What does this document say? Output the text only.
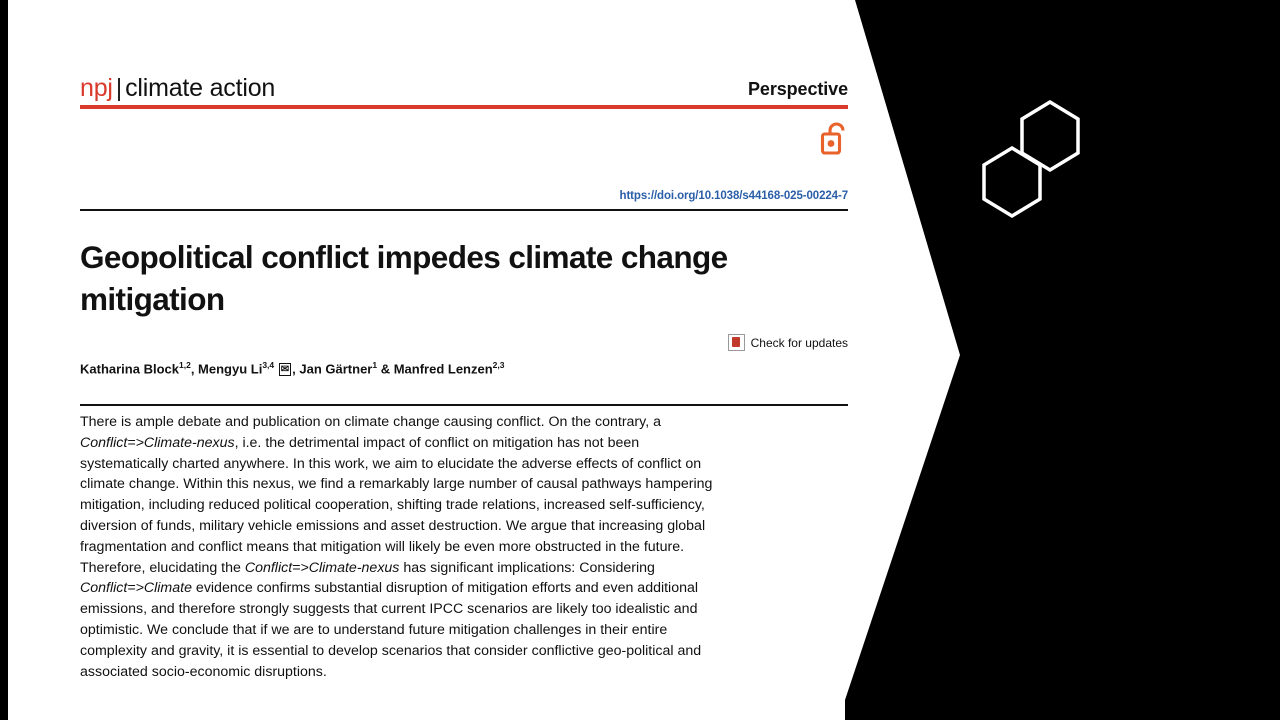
npj | climate action	Perspective
https://doi.org/10.1038/s44168-025-00224-7
Geopolitical conflict impedes climate change mitigation
Check for updates
Katharina Block$^{1,2}$, Mengyu Li$^{3,4}$ ✉ , Jan Gärtner$^1$ & Manfred Lenzen$^{2,3}$
There is ample debate and publication on climate change causing conflict. On the contrary, a Conflict=>Climate-nexus, i.e. the detrimental impact of conflict on mitigation has not been systematically charted anywhere. In this work, we aim to elucidate the adverse effects of conflict on climate change. Within this nexus, we find a remarkably large number of causal pathways hampering mitigation, including reduced political cooperation, shifting trade relations, increased self-sufficiency, diversion of funds, military vehicle emissions and asset destruction. We argue that increasing global fragmentation and conflict means that mitigation will likely be even more obstructed in the future. Therefore, elucidating the Conflict=>Climate-nexus has significant implications: Considering Conflict=>Climate evidence confirms substantial disruption of mitigation efforts and even additional emissions, and therefore strongly suggests that current IPCC scenarios are likely too idealistic and optimistic. We conclude that if we are to understand future mitigation challenges in their entire complexity and gravity, it is essential to develop scenarios that consider conflictive geo-political and associated socio-economic disruptions.
